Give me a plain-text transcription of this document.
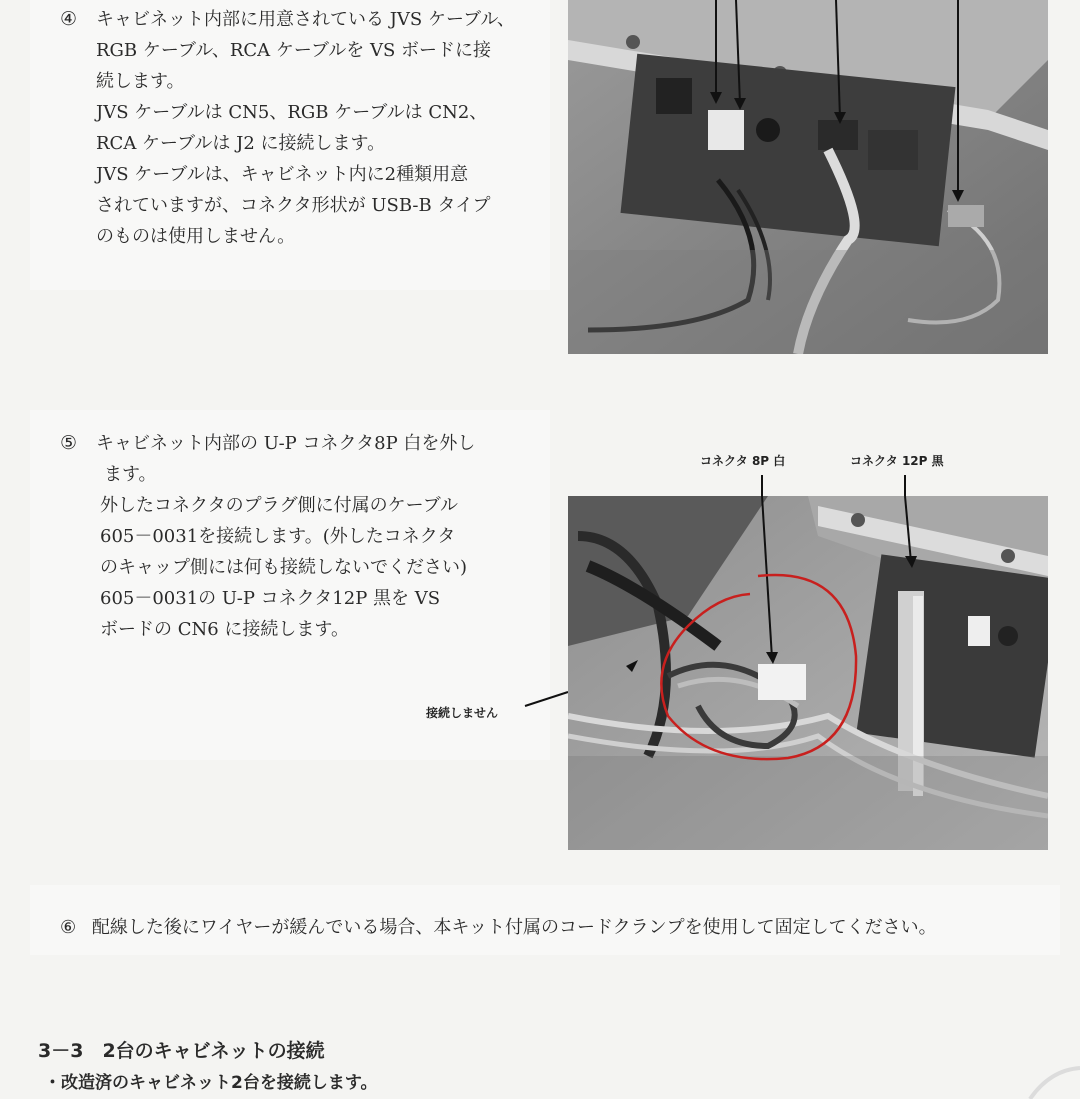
④ キャビネット内部に用意されている JVS ケーブル、
RGB ケーブル、RCA ケーブルを VS ボードに接
続します。
JVS ケーブルは CN5、RGB ケーブルは CN2、
RCA ケーブルは J2 に接続します。
JVS ケーブルは、キャビネット内に2種類用意
されていますが、コネクタ形状が USB-B タイプ
のものは使用しません。
⑤ キャビネット内部の U-P コネクタ8P 白を外し
ます。
外したコネクタのプラグ側に付属のケーブル
605－0031を接続します。(外したコネクタ
のキャップ側には何も接続しないでください)
605－0031の U-P コネクタ12P 黒を VS
ボードの CN6 に接続します。
コネクタ 8P 白	コネクタ 12P 黒
接続しません
⑥ 配線した後にワイヤーが緩んでいる場合、本キット付属のコードクランプを使用して固定してください。
3－3　2台のキャビネットの接続
・改造済のキャビネット2台を接続します。
